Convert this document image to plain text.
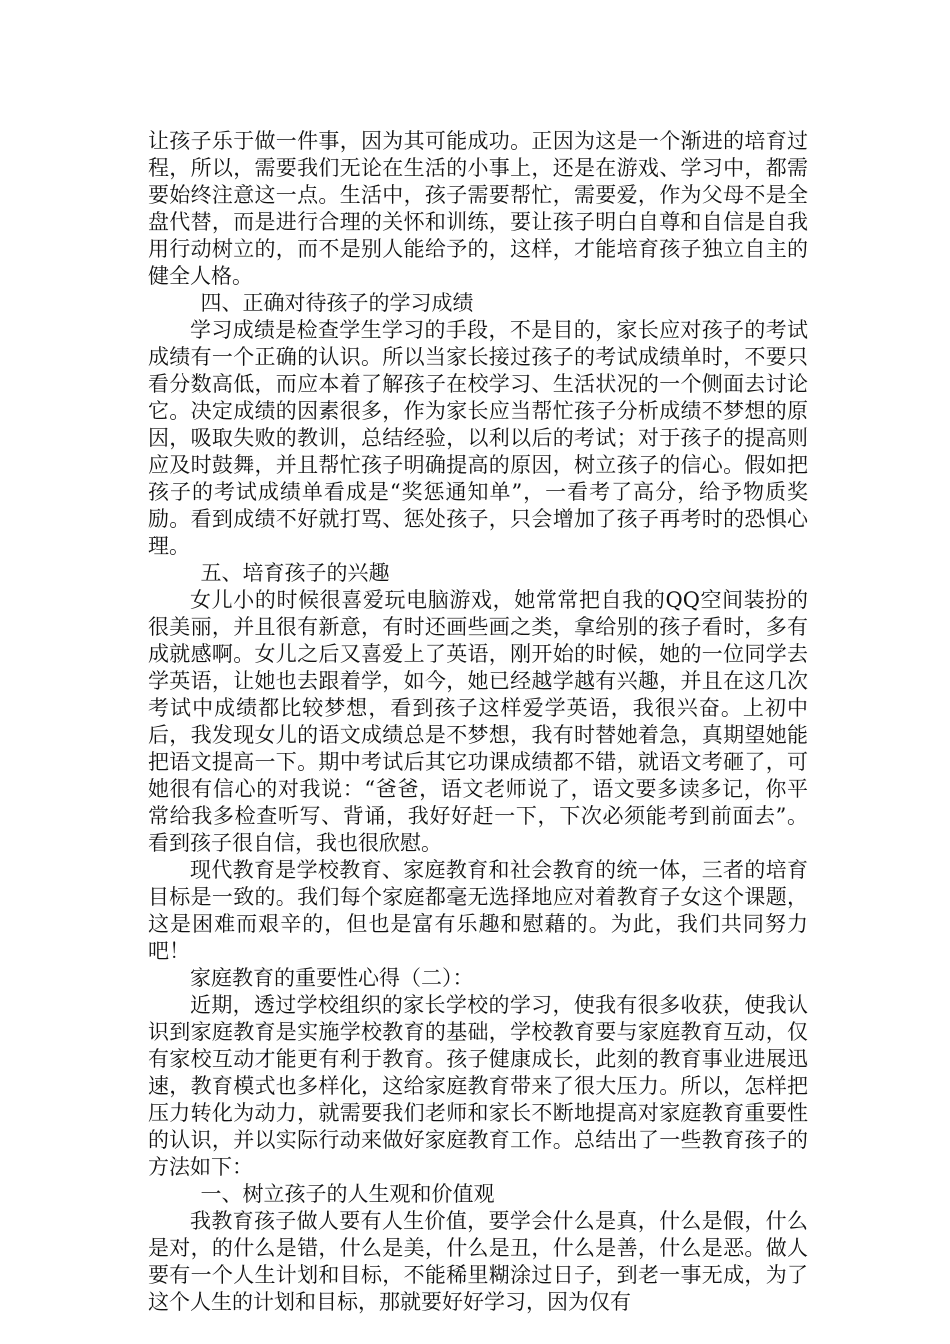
让孩子乐于做一件事，因为其可能成功。正因为这是一个渐进的培育过程，所以，需要我们无论在生活的小事上，还是在游戏、学习中，都需要始终注意这一点。生活中，孩子需要帮忙，需要爱，作为父母不是全盘代替，而是进行合理的关怀和训练，要让孩子明白自尊和自信是自我用行动树立的，而不是别人能给予的，这样，才能培育孩子独立自主的健全人格。

四、正确对待孩子的学习成绩

学习成绩是检查学生学习的手段，不是目的，家长应对孩子的考试成绩有一个正确的认识。所以当家长接过孩子的考试成绩单时，不要只看分数高低，而应本着了解孩子在校学习、生活状况的一个侧面去讨论它。决定成绩的因素很多，作为家长应当帮忙孩子分析成绩不梦想的原因，吸取失败的教训，总结经验，以利以后的考试；对于孩子的提高则应及时鼓舞，并且帮忙孩子明确提高的原因，树立孩子的信心。假如把孩子的考试成绩单看成是“奖惩通知单”，一看考了高分，给予物质奖励。看到成绩不好就打骂、惩处孩子，只会增加了孩子再考时的恐惧心理。

五、培育孩子的兴趣

女儿小的时候很喜爱玩电脑游戏，她常常把自我的QQ空间装扮的很美丽，并且很有新意，有时还画些画之类，拿给别的孩子看时，多有成就感啊。女儿之后又喜爱上了英语，刚开始的时候，她的一位同学去学英语，让她也去跟着学，如今，她已经越学越有兴趣，并且在这几次考试中成绩都比较梦想，看到孩子这样爱学英语，我很兴奋。上初中后，我发现女儿的语文成绩总是不梦想，我有时替她着急，真期望她能把语文提高一下。期中考试后其它功课成绩都不错，就语文考砸了，可她很有信心的对我说：“爸爸，语文老师说了，语文要多读多记，你平常给我多检查听写、背诵，我好好赶一下，下次必须能考到前面去”。看到孩子很自信，我也很欣慰。

现代教育是学校教育、家庭教育和社会教育的统一体，三者的培育目标是一致的。我们每个家庭都毫无选择地应对着教育子女这个课题，这是困难而艰辛的，但也是富有乐趣和慰藉的。为此，我们共同努力吧！

家庭教育的重要性心得（二）：

近期，透过学校组织的家长学校的学习，使我有很多收获，使我认识到家庭教育是实施学校教育的基础，学校教育要与家庭教育互动，仅有家校互动才能更有利于教育。孩子健康成长，此刻的教育事业进展迅速，教育模式也多样化，这给家庭教育带来了很大压力。所以，怎样把压力转化为动力，就需要我们老师和家长不断地提高对家庭教育重要性的认识，并以实际行动来做好家庭教育工作。总结出了一些教育孩子的方法如下：

一、树立孩子的人生观和价值观

我教育孩子做人要有人生价值，要学会什么是真，什么是假，什么是对，的什么是错，什么是美，什么是丑，什么是善，什么是恶。做人要有一个人生计划和目标，不能稀里糊涂过日子，到老一事无成，为了这个人生的计划和目标，那就要好好学习，因为仅有
